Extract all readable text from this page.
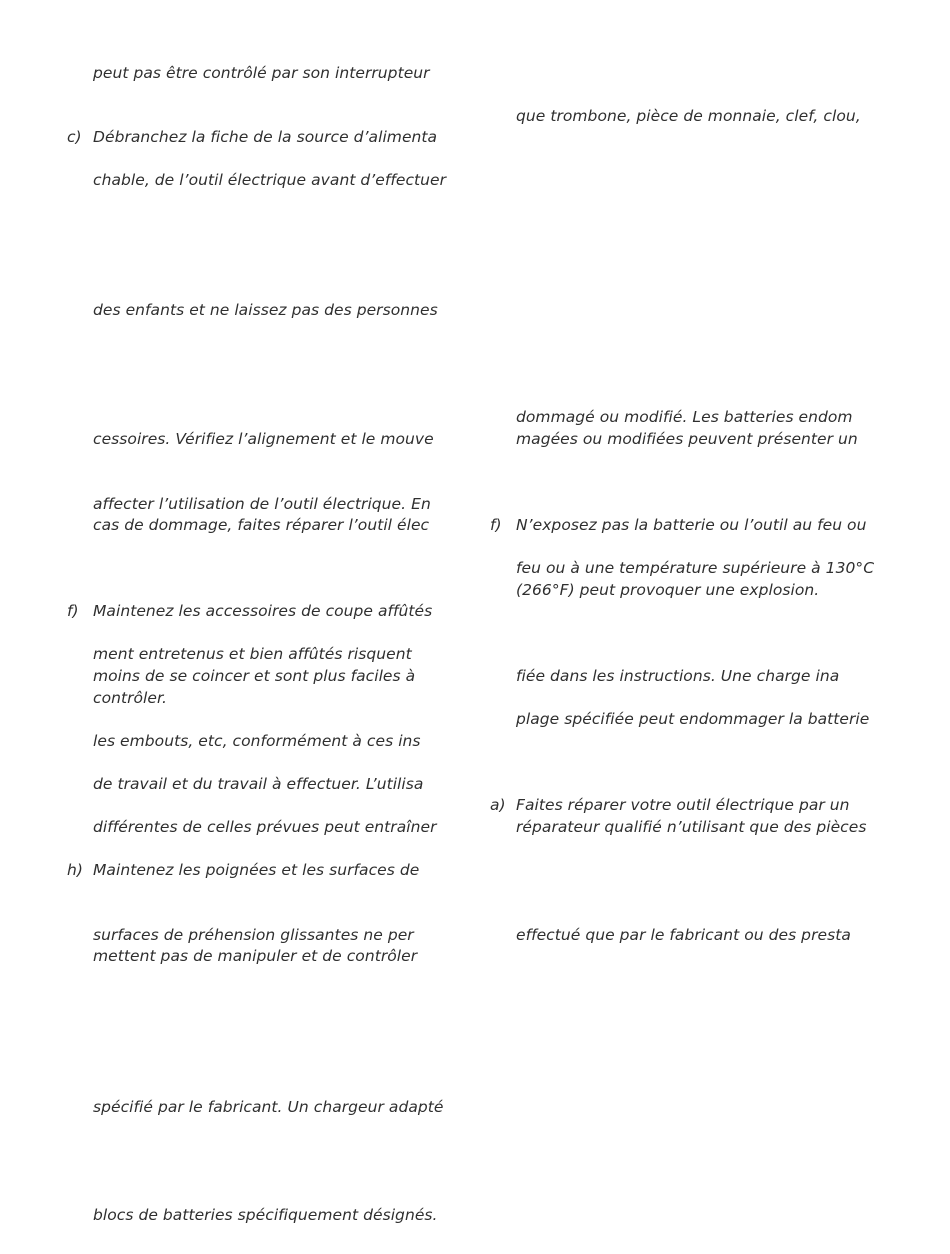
peut pas être contrôlé par son interrupteur
c) Débranchez la fiche de la source d’alimenta
chable, de l’outil électrique avant d’effectuer
des enfants et ne laissez pas des personnes
cessoires. Vérifiez l’alignement et le mouve
affecter l’utilisation de l’outil électrique. En
cas de dommage, faites réparer l’outil élec
f) Maintenez les accessoires de coupe affûtés
ment entretenus et bien affûtés risquent
moins de se coincer et sont plus faciles à
contrôler.
les embouts, etc, conformément à ces ins
de travail et du travail à effectuer. L’utilisa
différentes de celles prévues peut entraîner
h) Maintenez les poignées et les surfaces de
surfaces de préhension glissantes ne per
mettent pas de manipuler et de contrôler
spécifié par le fabricant. Un chargeur adapté
blocs de batteries spécifiquement désignés.
que trombone, pièce de monnaie, clef, clou,
dommagé ou modifié. Les batteries endom
magées ou modifiées peuvent présenter un
f) N’exposez pas la batterie ou l’outil au feu ou
feu ou à une température supérieure à 130°C
(266°F) peut provoquer une explosion.
fiée dans les instructions. Une charge ina
plage spécifiée peut endommager la batterie
a) Faites réparer votre outil électrique par un
réparateur qualifié n’utilisant que des pièces
effectué que par le fabricant ou des presta
